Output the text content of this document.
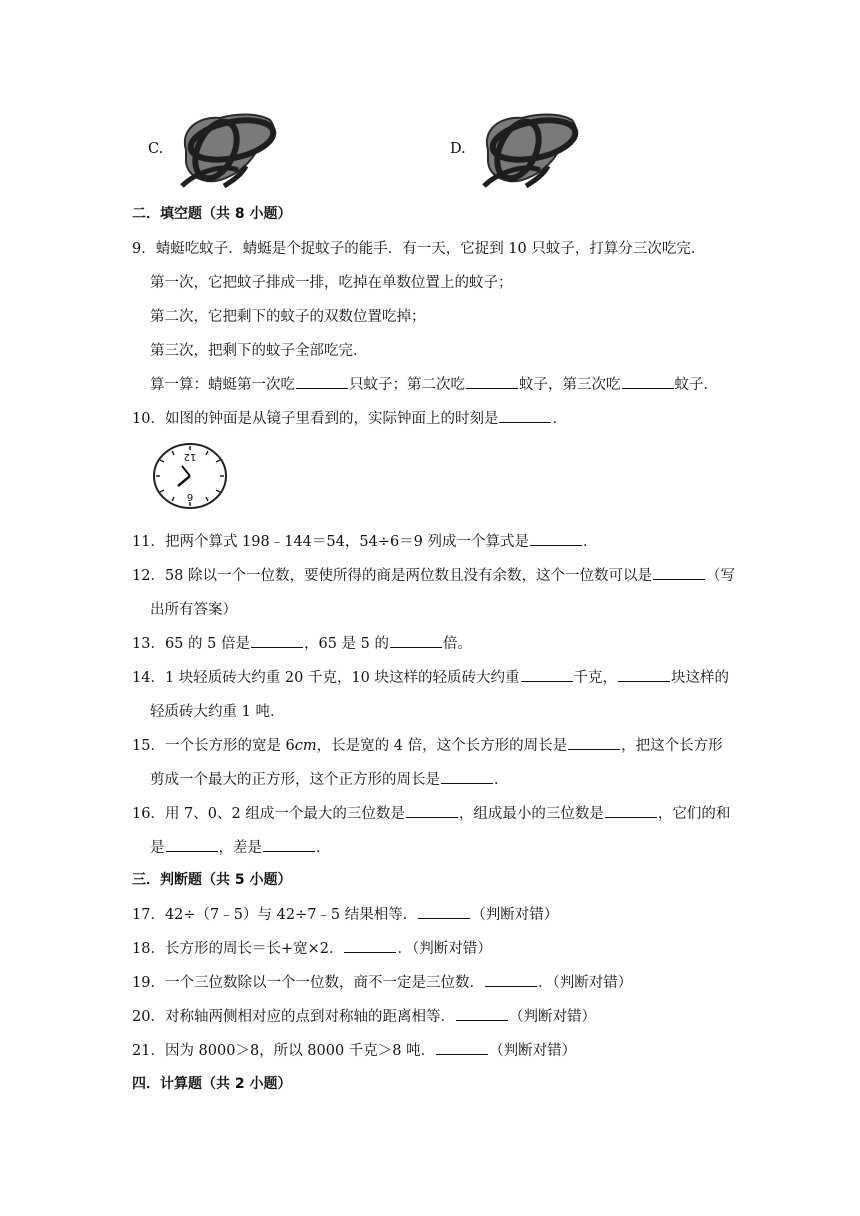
C.	D.
二．填空题（共 8 小题）
9．蜻蜓吃蚊子．蜻蜓是个捉蚊子的能手．有一天，它捉到 10 只蚊子，打算分三次吃完．
第一次，它把蚊子排成一排，吃掉在单数位置上的蚊子；
第二次，它把剩下的蚊子的双数位置吃掉；
第三次，把剩下的蚊子全部吃完．
算一算：蜻蜓第一次吃	只蚊子；第二次吃	蚊子，第三次吃	蚊子．
10．如图的钟面是从镜子里看到的，实际钟面上的时刻是	．
12
6
11．把两个算式 198﹣144＝54，54÷6＝9 列成一个算式是	．
12．58 除以一个一位数，要使所得的商是两位数且没有余数，这个一位数可以是	（写
出所有答案）
13．65 的 5 倍是	，65 是 5 的	倍。
14．1 块轻质砖大约重 20 千克，10 块这样的轻质砖大约重	千克，	块这样的
轻质砖大约重 1 吨．
15．一个长方形的宽是 6cm，长是宽的 4 倍，这个长方形的周长是	，把这个长方形
剪成一个最大的正方形，这个正方形的周长是	．
16．用 7、0、2 组成一个最大的三位数是	，组成最小的三位数是	，它们的和
是	，差是	．
三．判断题（共 5 小题）
17．42÷（7﹣5）与 42÷7﹣5 结果相等．	（判断对错）
18．长方形的周长＝长+宽×2．	．（判断对错）
19．一个三位数除以一个一位数，商不一定是三位数．	．（判断对错）
20．对称轴两侧相对应的点到对称轴的距离相等．	（判断对错）
21．因为 8000＞8，所以 8000 千克＞8 吨．	（判断对错）
四．计算题（共 2 小题）
